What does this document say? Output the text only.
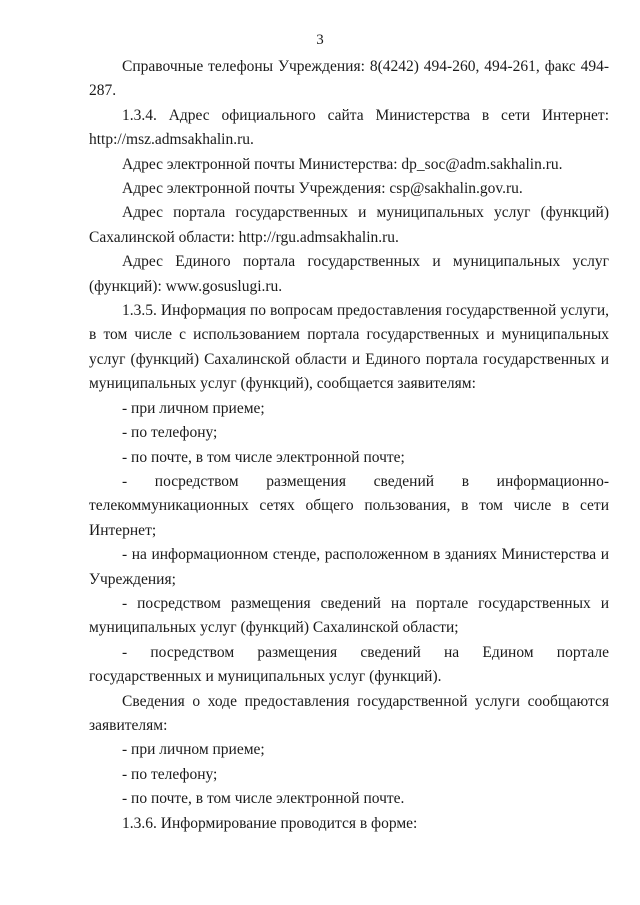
3

Справочные телефоны Учреждения: 8(4242) 494-260, 494-261, факс 494-287.

1.3.4. Адрес официального сайта Министерства в сети Интернет: http://msz.admsakhalin.ru.

Адрес электронной почты Министерства: dp_soc@adm.sakhalin.ru.

Адрес электронной почты Учреждения: csp@sakhalin.gov.ru.

Адрес портала государственных и муниципальных услуг (функций) Сахалинской области: http://rgu.admsakhalin.ru.

Адрес Единого портала государственных и муниципальных услуг (функций): www.gosuslugi.ru.

1.3.5. Информация по вопросам предоставления государственной услуги, в том числе с использованием портала государственных и муниципальных услуг (функций) Сахалинской области и Единого портала государственных и муниципальных услуг (функций), сообщается заявителям:

- при личном приеме;

- по телефону;

- по почте, в том числе электронной почте;

- посредством размещения сведений в информационно-телекоммуникационных сетях общего пользования, в том числе в сети Интернет;

- на информационном стенде, расположенном в зданиях Министерства и Учреждения;

- посредством размещения сведений на портале государственных и муниципальных услуг (функций) Сахалинской области;

- посредством размещения сведений на Едином портале государственных и муниципальных услуг (функций).

Сведения о ходе предоставления государственной услуги сообщаются заявителям:

- при личном приеме;

- по телефону;

- по почте, в том числе электронной почте.

1.3.6. Информирование проводится в форме:
